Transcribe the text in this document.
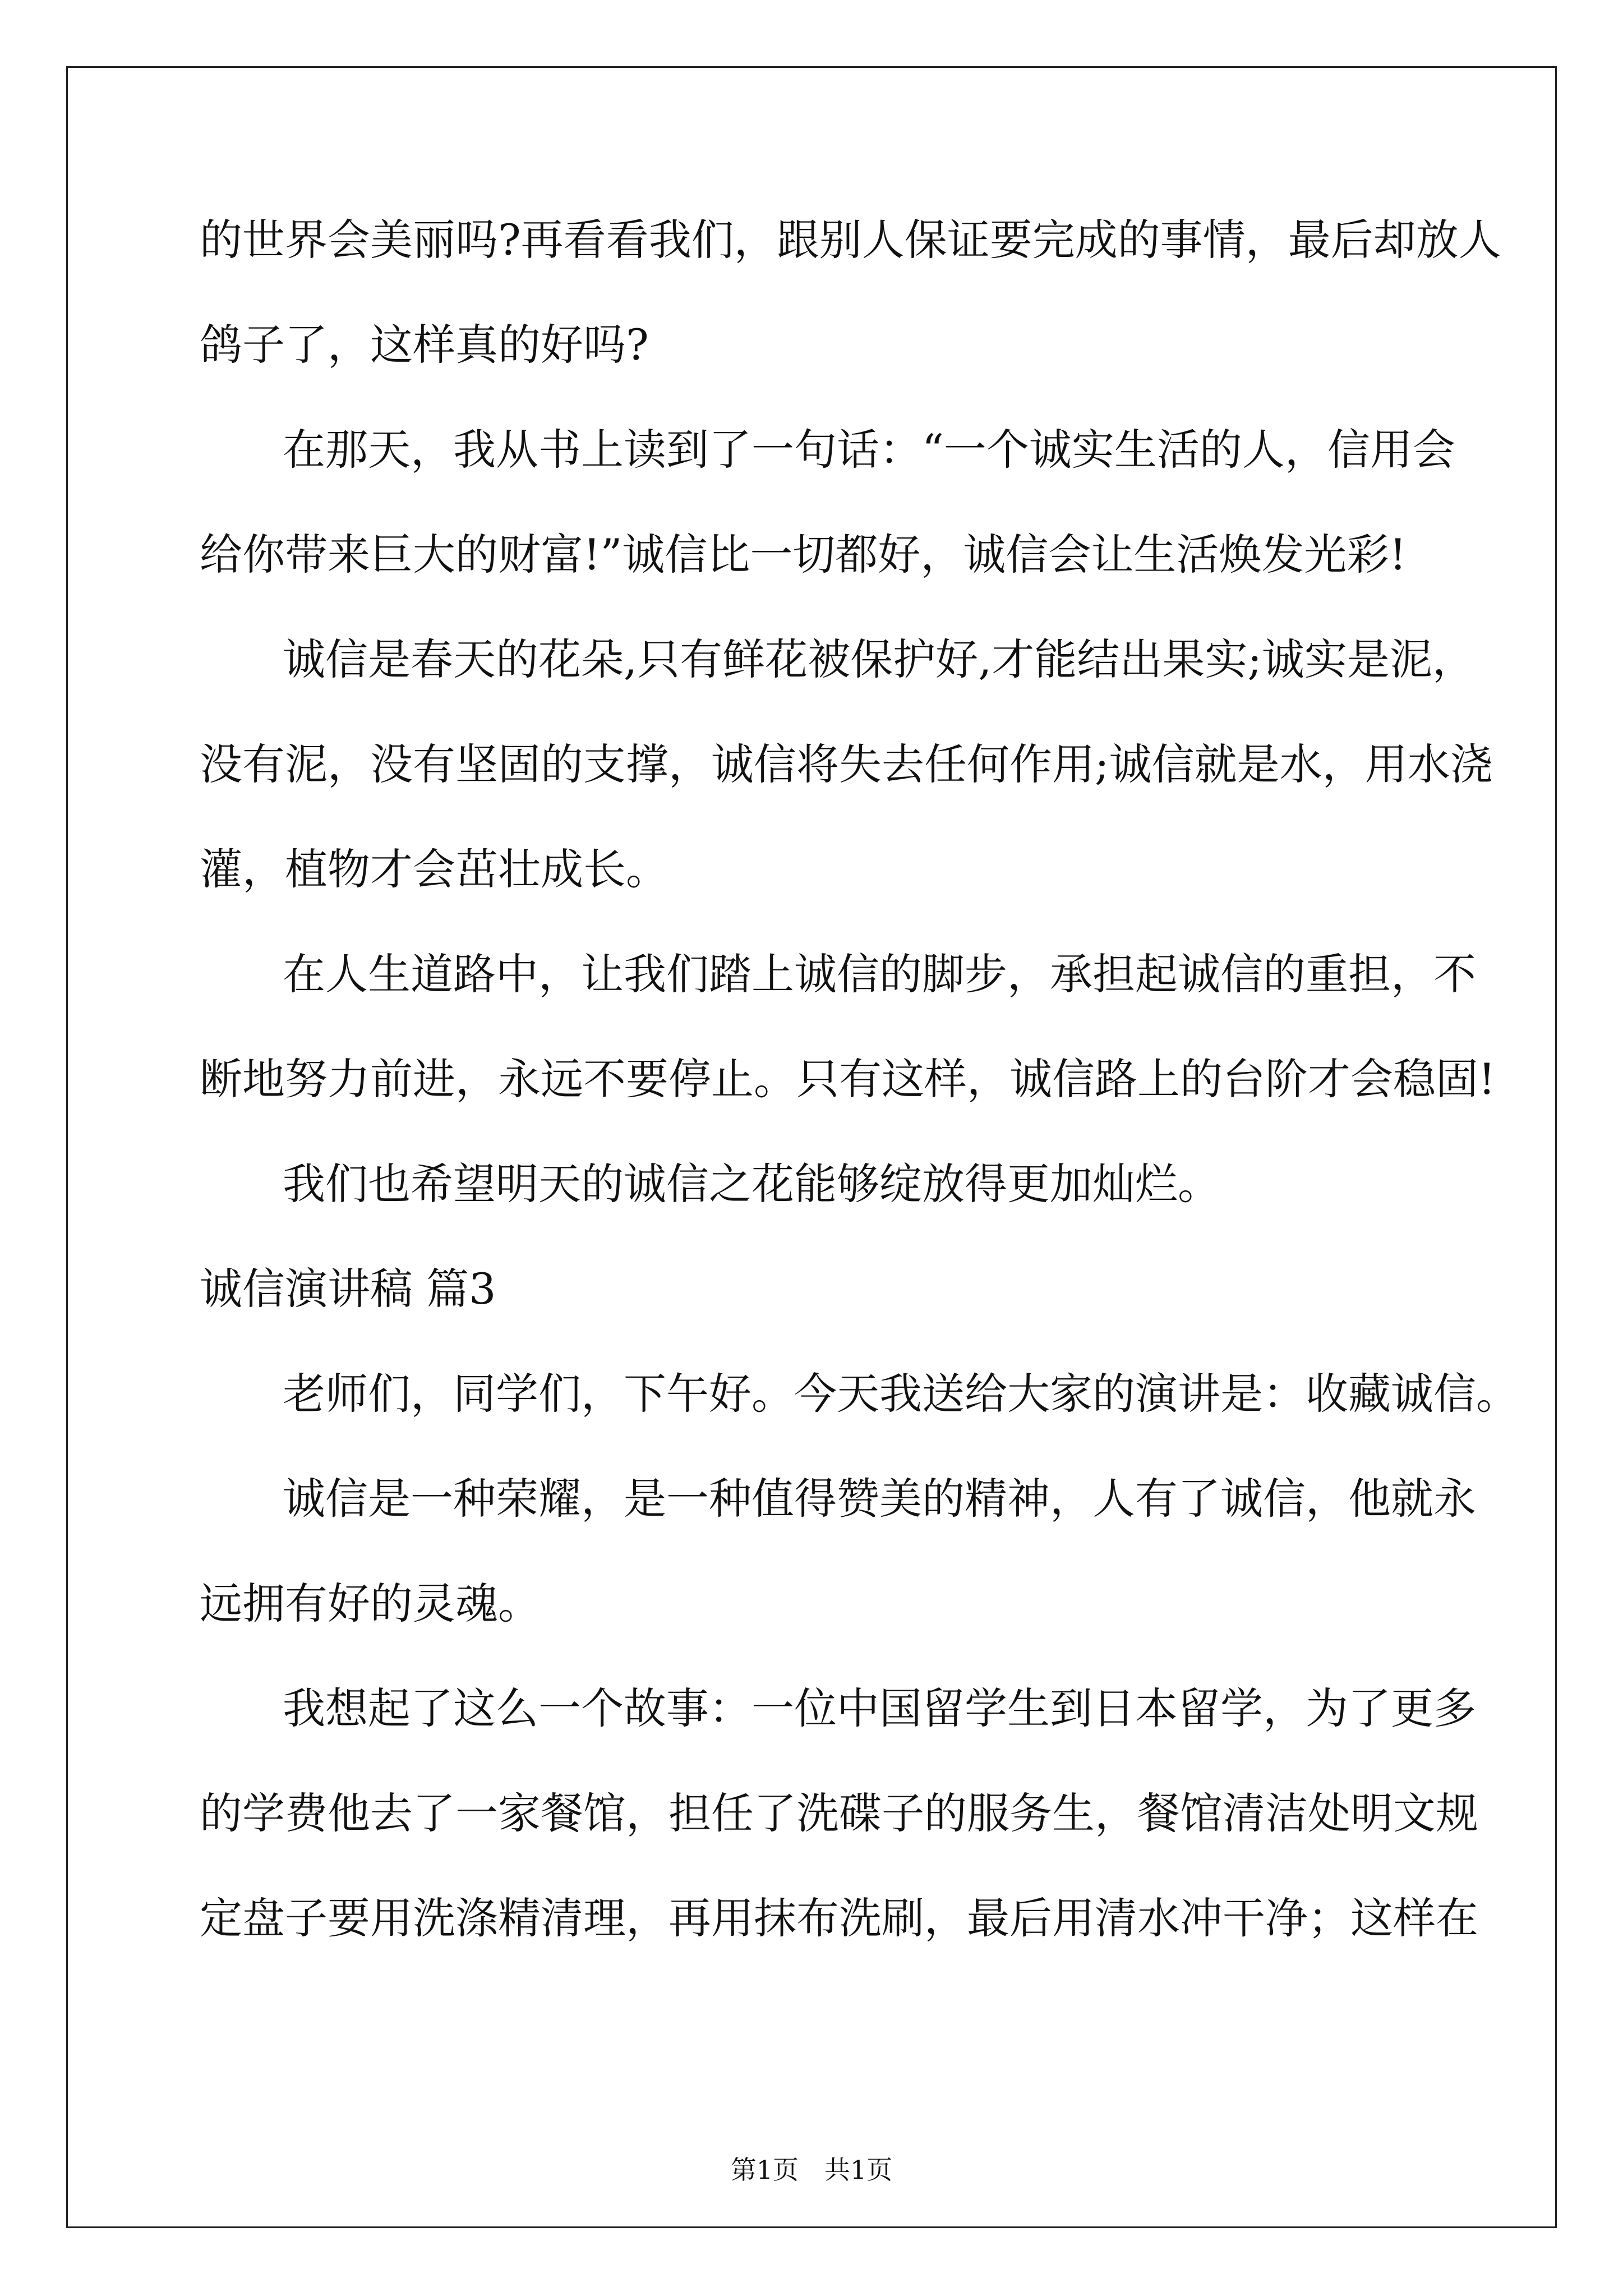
的世界会美丽吗?再看看我们，跟别人保证要完成的事情，最后却放人
鸽子了，这样真的好吗?
在那天，我从书上读到了一句话：“一个诚实生活的人，信用会
给你带来巨大的财富!”诚信比一切都好，诚信会让生活焕发光彩!
诚信是春天的花朵,只有鲜花被保护好,才能结出果实;诚实是泥，
没有泥，没有坚固的支撑，诚信将失去任何作用;诚信就是水，用水浇
灌，植物才会茁壮成长。
在人生道路中，让我们踏上诚信的脚步，承担起诚信的重担，不
断地努力前进，永远不要停止。只有这样，诚信路上的台阶才会稳固!
我们也希望明天的诚信之花能够绽放得更加灿烂。
诚信演讲稿 篇3
老师们，同学们，下午好。今天我送给大家的演讲是：收藏诚信。
诚信是一种荣耀，是一种值得赞美的精神，人有了诚信，他就永
远拥有好的灵魂。
我想起了这么一个故事：一位中国留学生到日本留学，为了更多
的学费他去了一家餐馆，担任了洗碟子的服务生，餐馆清洁处明文规
定盘子要用洗涤精清理，再用抹布洗刷，最后用清水冲干净；这样在
第1页　共1页
